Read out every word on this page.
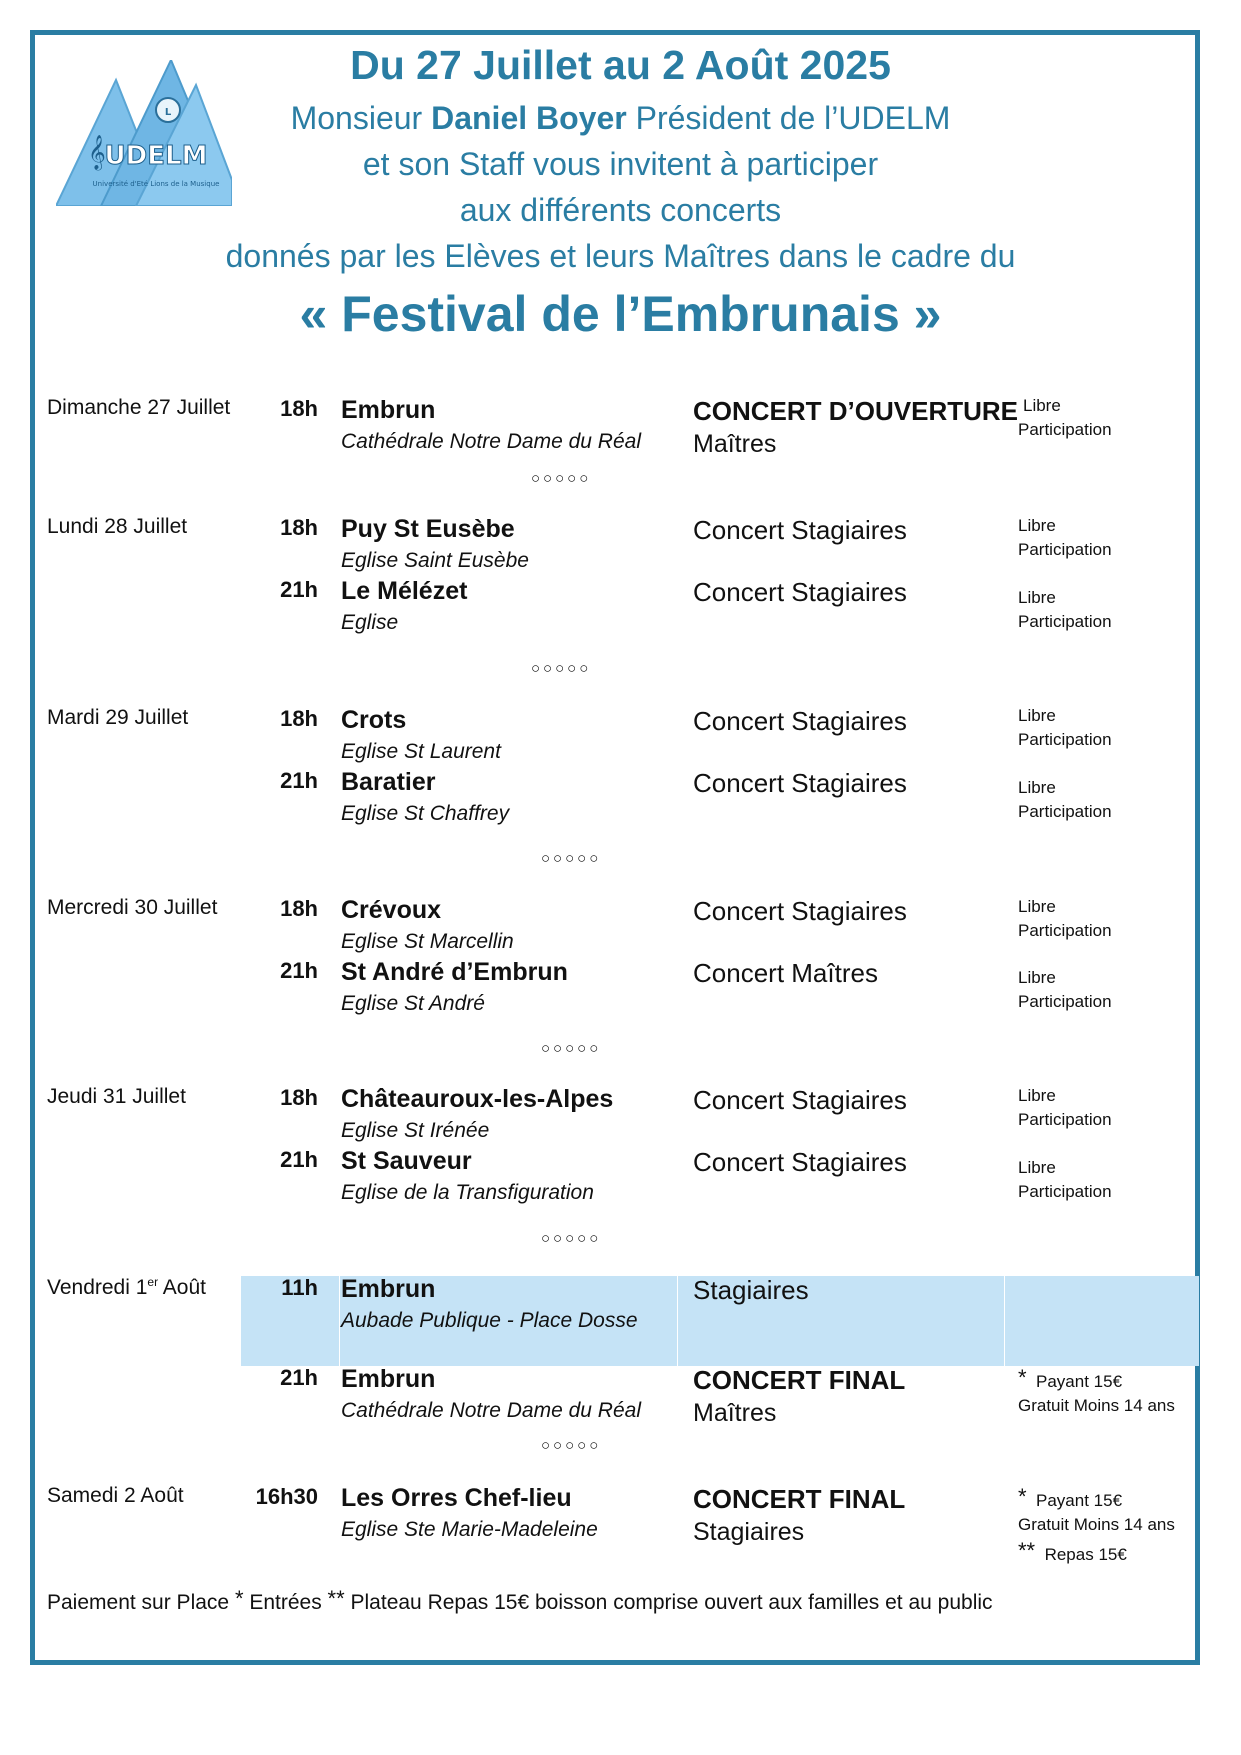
L
𝄞
UDELM
Université d'Eté Lions de la Musique
Du 27 Juillet au 2 Août 2025
Monsieur Daniel Boyer Président de l’UDELM
et son Staff vous invitent à participer
aux différents concerts
donnés par les Elèves et leurs Maîtres dans le cadre du
« Festival de l’Embrunais »
Dimanche 27 Juillet	18h Embrun
Cathédrale Notre Dame du Réal
CONCERT D’OUVERTURE
Maîtres
Libre
Participation
○○○○○
Lundi 28 Juillet	18h Puy St Eusèbe
Eglise Saint Eusèbe
Concert Stagiaires	Libre
Participation
21h Le Mélézet
Eglise
Concert Stagiaires	Libre
Participation
○○○○○
Mardi 29 Juillet	18h Crots
Eglise St Laurent
Concert Stagiaires	Libre
Participation
21h Baratier
Eglise St Chaffrey
Concert Stagiaires	Libre
Participation
○○○○○
Mercredi 30 Juillet	18h Crévoux
Eglise St Marcellin
Concert Stagiaires	Libre
Participation
21h St André d’Embrun
Eglise St André
Concert Maîtres	Libre
Participation
○○○○○
Jeudi 31 Juillet	18h Châteauroux-les-Alpes
Eglise St Irénée
Concert Stagiaires	Libre
Participation
21h St Sauveur
Eglise de la Transfiguration
Concert Stagiaires	Libre
Participation
○○○○○
Vendredi 1er Août	11h Embrun
Aubade Publique - Place Dosse
Stagiaires
21h Embrun
Cathédrale Notre Dame du Réal
CONCERT FINAL
Maîtres
* Payant 15€
Gratuit Moins 14 ans
○○○○○
Samedi 2 Août	16h30 Les Orres Chef-lieu
Eglise Ste Marie-Madeleine
CONCERT FINAL
Stagiaires
* Payant 15€
Gratuit Moins 14 ans
** Repas 15€
Paiement sur Place * Entrées ** Plateau Repas 15€ boisson comprise ouvert aux familles et au public
